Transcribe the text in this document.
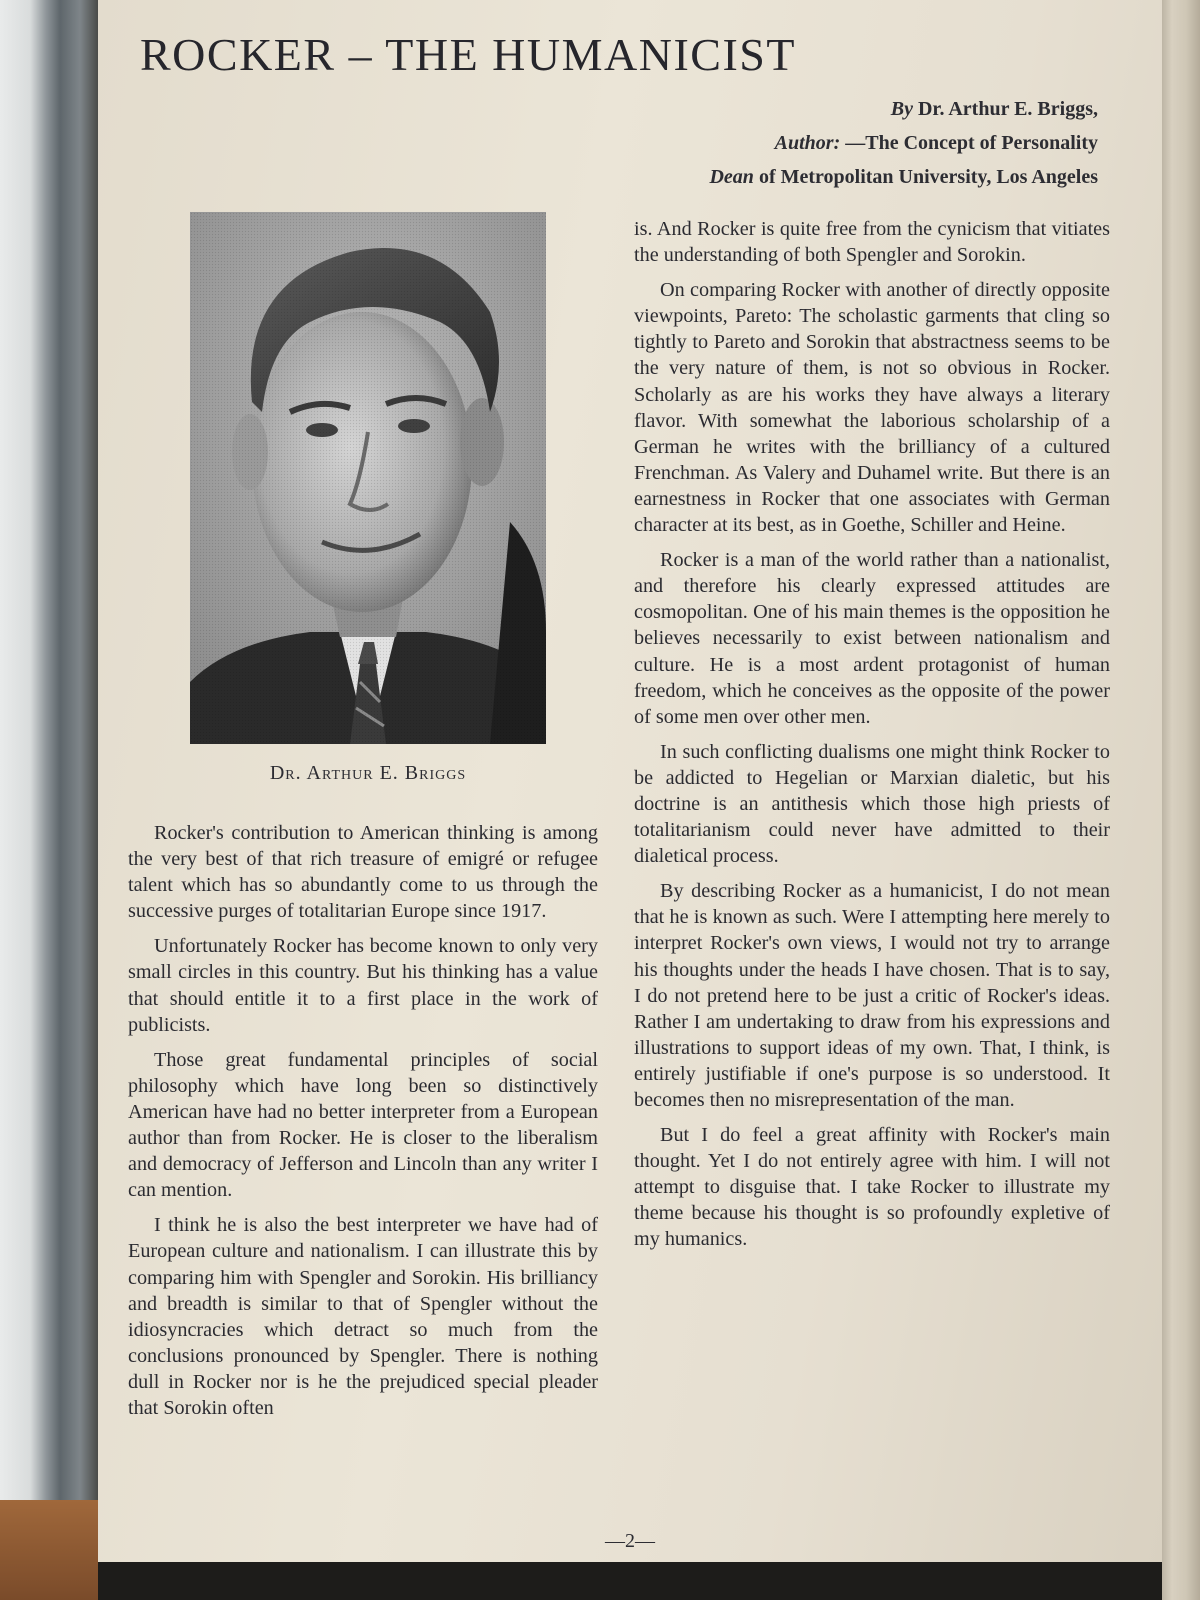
ROCKER – THE HUMANICIST
By Dr. Arthur E. Briggs,
Author: —The Concept of Personality
Dean of Metropolitan University, Los Angeles
Dr. Arthur E. Briggs

Rocker's contribution to American thinking is among the very best of that rich treasure of emigré or refugee talent which has so abundantly come to us through the successive purges of totalitarian Europe since 1917.

Unfortunately Rocker has become known to only very small circles in this country. But his thinking has a value that should entitle it to a first place in the work of publicists.

Those great fundamental principles of social philosophy which have long been so distinctively American have had no better interpreter from a European author than from Rocker. He is closer to the liberalism and democracy of Jefferson and Lincoln than any writer I can mention.

I think he is also the best interpreter we have had of European culture and nationalism. I can illustrate this by comparing him with Spengler and Sorokin. His brilliancy and breadth is similar to that of Spengler without the idiosyncracies which detract so much from the conclusions pronounced by Spengler. There is nothing dull in Rocker nor is he the prejudiced special pleader that Sorokin often

is. And Rocker is quite free from the cynicism that vitiates the understanding of both Spengler and Sorokin.

On comparing Rocker with another of directly opposite viewpoints, Pareto: The scholastic garments that cling so tightly to Pareto and Sorokin that abstractness seems to be the very nature of them, is not so obvious in Rocker. Scholarly as are his works they have always a literary flavor. With somewhat the laborious scholarship of a German he writes with the brilliancy of a cultured Frenchman. As Valery and Duhamel write. But there is an earnestness in Rocker that one associates with German character at its best, as in Goethe, Schiller and Heine.

Rocker is a man of the world rather than a nationalist, and therefore his clearly expressed attitudes are cosmopolitan. One of his main themes is the opposition he believes necessarily to exist between nationalism and culture. He is a most ardent protagonist of human freedom, which he conceives as the opposite of the power of some men over other men.

In such conflicting dualisms one might think Rocker to be addicted to Hegelian or Marxian dialetic, but his doctrine is an antithesis which those high priests of totalitarianism could never have admitted to their dialetical process.

By describing Rocker as a humanicist, I do not mean that he is known as such. Were I attempting here merely to interpret Rocker's own views, I would not try to arrange his thoughts under the heads I have chosen. That is to say, I do not pretend here to be just a critic of Rocker's ideas. Rather I am undertaking to draw from his expressions and illustrations to support ideas of my own. That, I think, is entirely justifiable if one's purpose is so understood. It becomes then no misrepresentation of the man.

But I do feel a great affinity with Rocker's main thought. Yet I do not entirely agree with him. I will not attempt to disguise that. I take Rocker to illustrate my theme because his thought is so profoundly expletive of my humanics.

—2—
